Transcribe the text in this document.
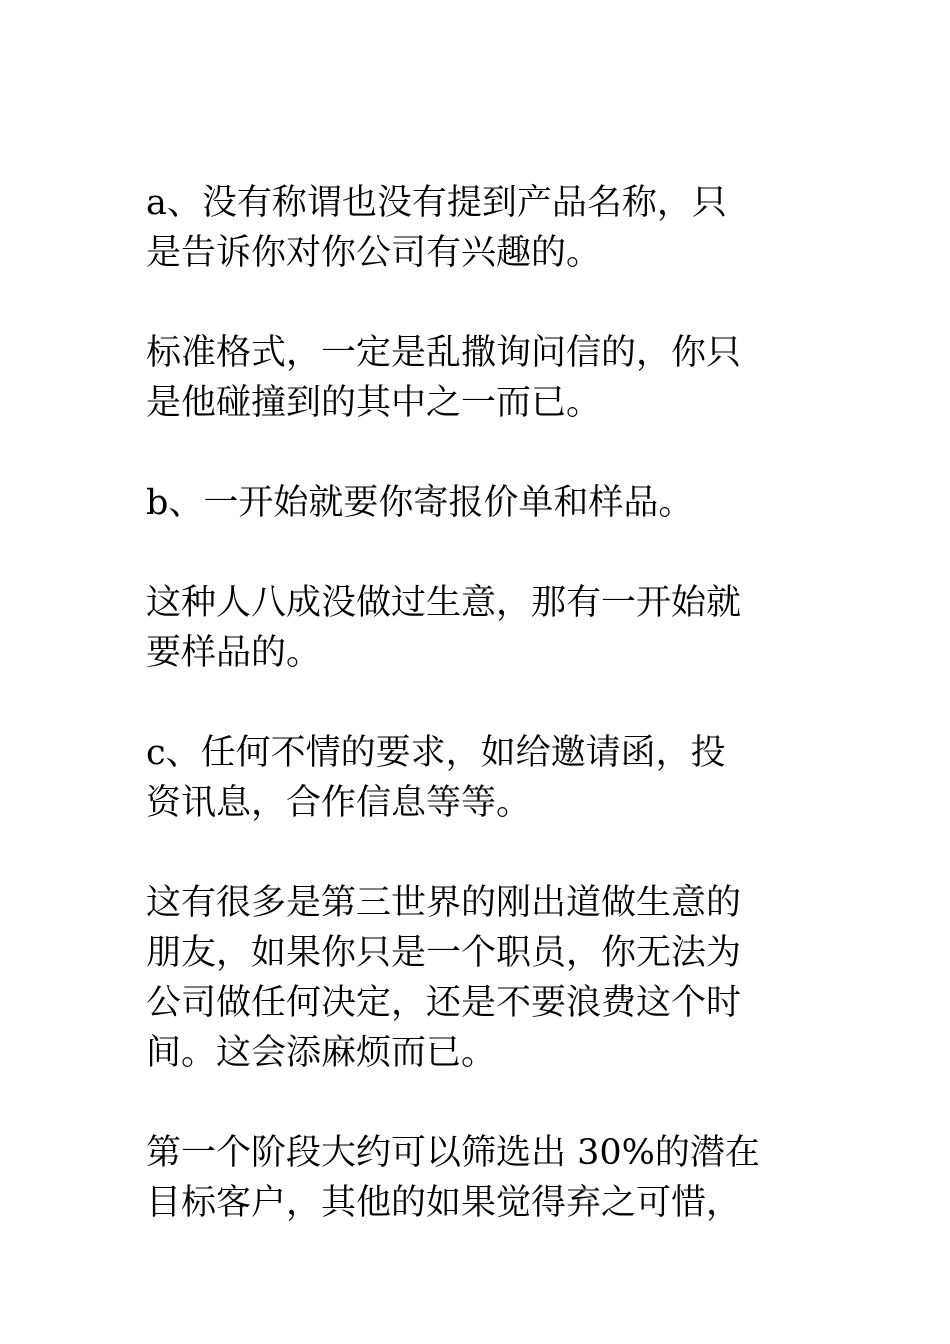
a、没有称谓也没有提到产品名称，只
是告诉你对你公司有兴趣的。

标准格式，一定是乱撒询问信的，你只
是他碰撞到的其中之一而已。

b、一开始就要你寄报价单和样品。

这种人八成没做过生意，那有一开始就
要样品的。

c、任何不情的要求，如给邀请函，投
资讯息，合作信息等等。

这有很多是第三世界的刚出道做生意的
朋友，如果你只是一个职员，你无法为
公司做任何决定，还是不要浪费这个时
间。这会添麻烦而已。

第一个阶段大约可以筛选出 30%的潜在
目标客户，其他的如果觉得弃之可惜，
